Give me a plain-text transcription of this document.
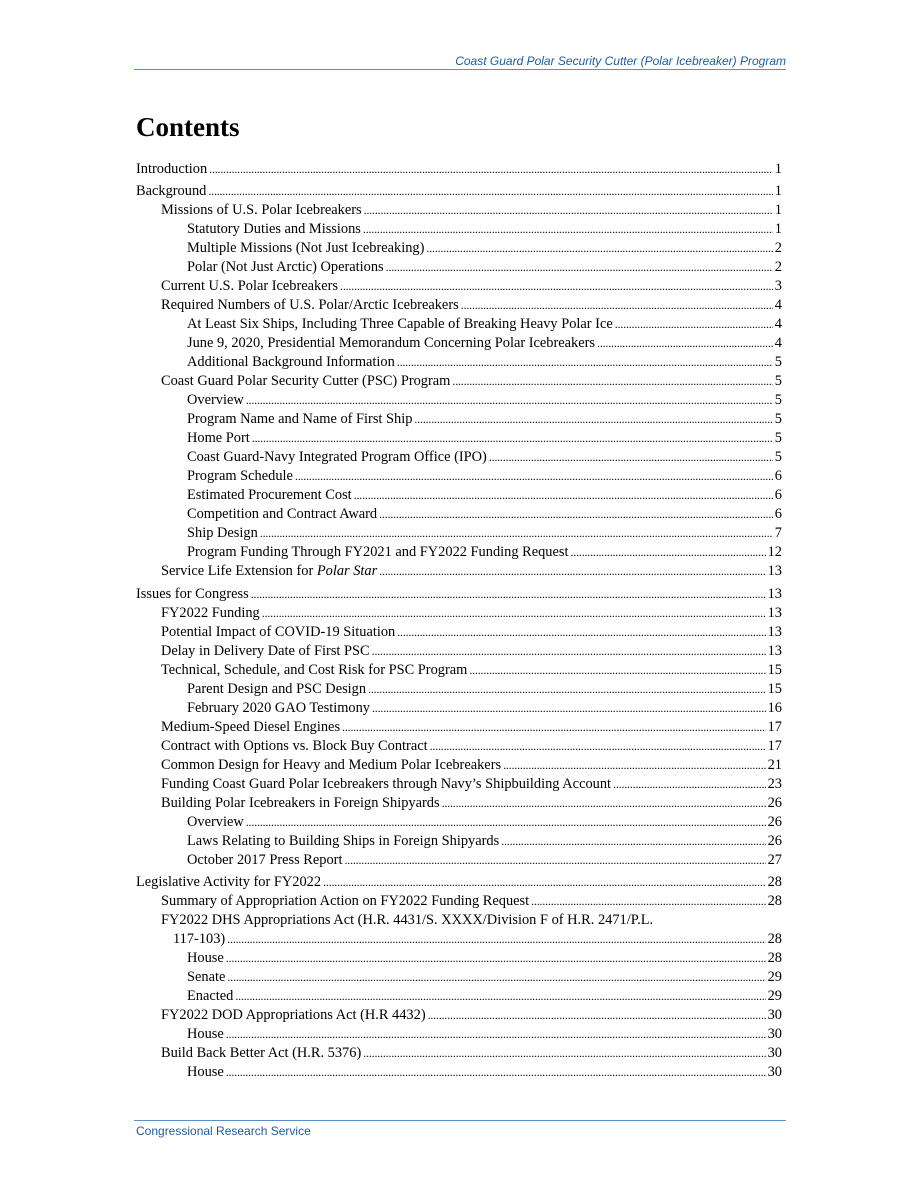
Coast Guard Polar Security Cutter (Polar Icebreaker) Program
Contents
Introduction . . .	1
Background . . .	1
Missions of U.S. Polar Icebreakers . . .	1
Statutory Duties and Missions . . .	1
Multiple Missions (Not Just Icebreaking) . . .	2
Polar (Not Just Arctic) Operations . . .	2
Current U.S. Polar Icebreakers . . .	3
Required Numbers of U.S. Polar/Arctic Icebreakers . . .	4
At Least Six Ships, Including Three Capable of Breaking Heavy Polar Ice . . .	4
June 9, 2020, Presidential Memorandum Concerning Polar Icebreakers . . .	4
Additional Background Information . . .	5
Coast Guard Polar Security Cutter (PSC) Program . . .	5
Overview . . .	5
Program Name and Name of First Ship . . .	5
Home Port . . .	5
Coast Guard-Navy Integrated Program Office (IPO) . . .	5
Program Schedule . . .	6
Estimated Procurement Cost . . .	6
Competition and Contract Award . . .	6
Ship Design . . .	7
Program Funding Through FY2021 and FY2022 Funding Request . . .	12
Service Life Extension for Polar Star . . .	13
Issues for Congress . . .	13
FY2022 Funding . . .	13
Potential Impact of COVID-19 Situation . . .	13
Delay in Delivery Date of First PSC . . .	13
Technical, Schedule, and Cost Risk for PSC Program . . .	15
Parent Design and PSC Design . . .	15
February 2020 GAO Testimony . . .	16
Medium-Speed Diesel Engines . . .	17
Contract with Options vs. Block Buy Contract . . .	17
Common Design for Heavy and Medium Polar Icebreakers . . .	21
Funding Coast Guard Polar Icebreakers through Navy’s Shipbuilding Account . . .	23
Building Polar Icebreakers in Foreign Shipyards . . .	26
Overview . . .	26
Laws Relating to Building Ships in Foreign Shipyards . . .	26
October 2017 Press Report . . .	27
Legislative Activity for FY2022 . . .	28
Summary of Appropriation Action on FY2022 Funding Request . . .	28
FY2022 DHS Appropriations Act (H.R. 4431/S. XXXX/Division F of H.R. 2471/P.L.
117-103) . . .	28
House . . .	28
Senate . . .	29
Enacted . . .	29
FY2022 DOD Appropriations Act (H.R 4432) . . .	30
House . . .	30
Build Back Better Act (H.R. 5376) . . .	30
House . . .	30
Congressional Research Service
